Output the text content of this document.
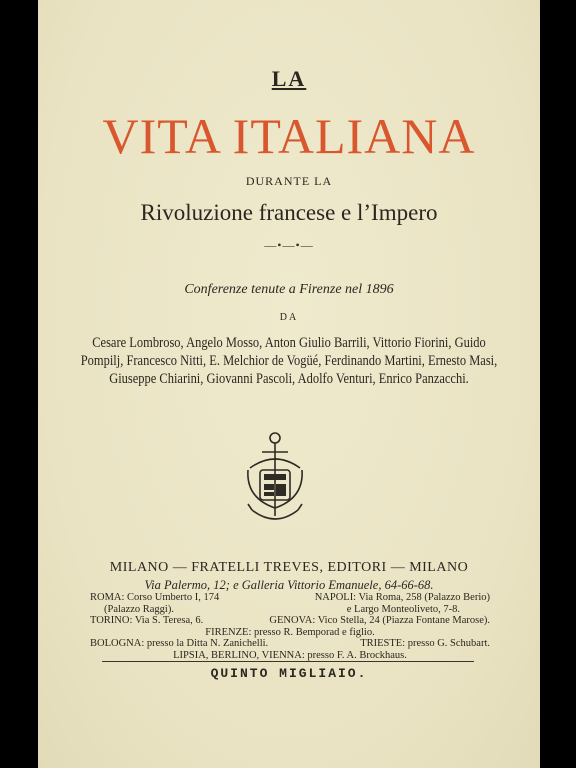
LA
VITA ITALIANA
DURANTE LA
Rivoluzione francese e l’Impero
—•—•—
Conferenze tenute a Firenze nel 1896
DA
Cesare Lombroso, Angelo Mosso, Anton Giulio Barrili, Vittorio Fiorini, Guido
Pompilj, Francesco Nitti, E. Melchior de Vogüé, Ferdinando Martini, Ernesto Masi,
Giuseppe Chiarini, Giovanni Pascoli, Adolfo Venturi, Enrico Panzacchi.
MILANO — FRATELLI TREVES, EDITORI — MILANO
Via Palermo, 12; e Galleria Vittorio Emanuele, 64-66-68.
ROMA: Corso Umberto I, 174	NAPOLI: Via Roma, 258 (Palazzo Berio)
(Palazzo Raggi).	e Largo Monteoliveto, 7-8.
TORINO: Via S. Teresa, 6.	GENOVA: Vico Stella, 24 (Piazza Fontane Marose).
FIRENZE: presso R. Bemporad e figlio.
BOLOGNA: presso la Ditta N. Zanichelli.	TRIESTE: presso G. Schubart.
LIPSIA, BERLINO, VIENNA: presso F. A. Brockhaus.
QUINTO MIGLIAIO.
